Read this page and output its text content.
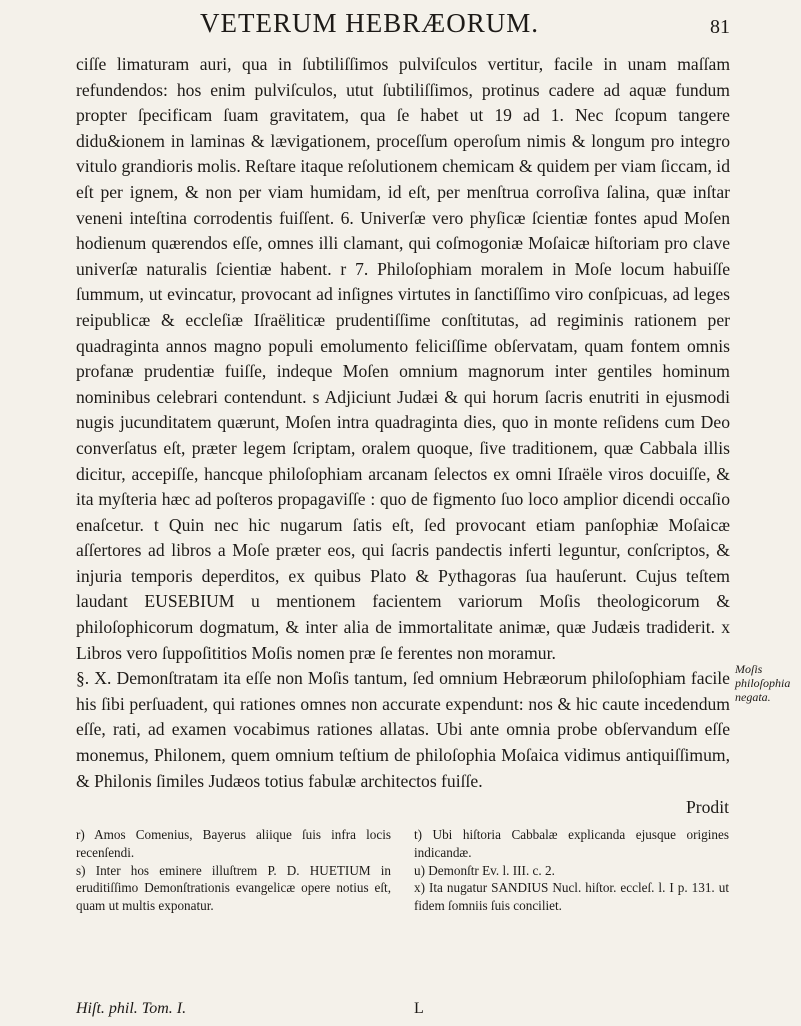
VETERUM HEBRÆORUM.	81

ciſſe limaturam auri, qua in ſubtiliſſimos pulviſculos vertitur, facile in unam maſſam refundendos: hos enim pulviſculos, utut ſubtiliſſimos, protinus cadere ad aquæ fundum propter ſpecificam ſuam gravitatem, qua ſe habet ut 19 ad 1. Nec ſcopum tangere didu&ionem in laminas & lævigationem, proceſſum operoſum nimis & longum pro integro vitulo grandioris molis. Reſtare itaque reſolutionem chemicam & quidem per viam ſiccam, id eſt per ignem, & non per viam humidam, id eſt, per menſtrua corroſiva ſalina, quæ inſtar veneni inteſtina corrodentis fuiſſent. 6. Univerſæ vero phyſicæ ſcientiæ fontes apud Moſen hodienum quærendos eſſe, omnes illi clamant, qui coſmogoniæ Moſaicæ hiſtoriam pro clave univerſæ naturalis ſcientiæ habent. r 7. Philoſophiam moralem in Moſe locum habuiſſe ſummum, ut evincatur, provocant ad inſignes virtutes in ſanctiſſimo viro conſpicuas, ad leges reipublicæ & eccleſiæ Iſraëliticæ prudentiſſime conſtitutas, ad regiminis rationem per quadraginta annos magno populi emolumento feliciſſime obſervatam, quam fontem omnis profanæ prudentiæ fuiſſe, indeque Moſen omnium magnorum inter gentiles hominum nominibus celebrari contendunt. s Adjiciunt Judæi & qui horum ſacris enutriti in ejusmodi nugis jucunditatem quærunt, Moſen intra quadraginta dies, quo in monte reſidens cum Deo converſatus eſt, præter legem ſcriptam, oralem quoque, ſive traditionem, quæ Cabbala illis dicitur, accepiſſe, hancque philoſophiam arcanam ſelectos ex omni Iſraële viros docuiſſe, & ita myſteria hæc ad poſteros propagaviſſe : quo de figmento ſuo loco amplior dicendi occaſio enaſcetur. t Quin nec hic nugarum ſatis eſt, ſed provocant etiam panſophiæ Moſaicæ aſſertores ad libros a Moſe præter eos, qui ſacris pandectis inferti leguntur, conſcriptos, & injuria temporis deperditos, ex quibus Plato & Pythagoras ſua hauſerunt. Cujus teſtem laudant EUSEBIUM u mentionem facientem variorum Moſis theologicorum & philoſophicorum dogmatum, & inter alia de immortalitate animæ, quæ Judæis tradiderit. x Libros vero ſuppoſititios Moſis nomen præ ſe ferentes non moramur.

§. X. Demonſtratam ita eſſe non Moſis tantum, ſed omnium Hebræorum philoſophiam facile his ſibi perſuadent, qui rationes omnes non accurate expendunt: nos & hic caute incedendum eſſe, rati, ad examen vocabimus rationes allatas. Ubi ante omnia probe obſervandum eſſe monemus, Philonem, quem omnium teſtium de philoſophia Moſaica vidimus antiquiſſimum, & Philonis ſimiles Judæos totius fabulæ architectos fuiſſe.

Prodit
Moſis philoſophia negata.
r) Amos Comenius, Bayerus aliique ſuis infra locis recenſendi.
s) Inter hos eminere illuſtrem P. D. HUETIUM in eruditiſſimo Demonſtrationis evangelicæ opere notius eſt, quam ut multis exponatur.
t) Ubi hiſtoria Cabbalæ explicanda ejusque origines indicandæ.
u) Demonſtr Ev. l. III. c. 2.
x) Ita nugatur SANDIUS Nucl. hiſtor. eccleſ. l. I p. 131. ut fidem ſomniis ſuis conciliet.
Hiſt. phil. Tom. I.	L
